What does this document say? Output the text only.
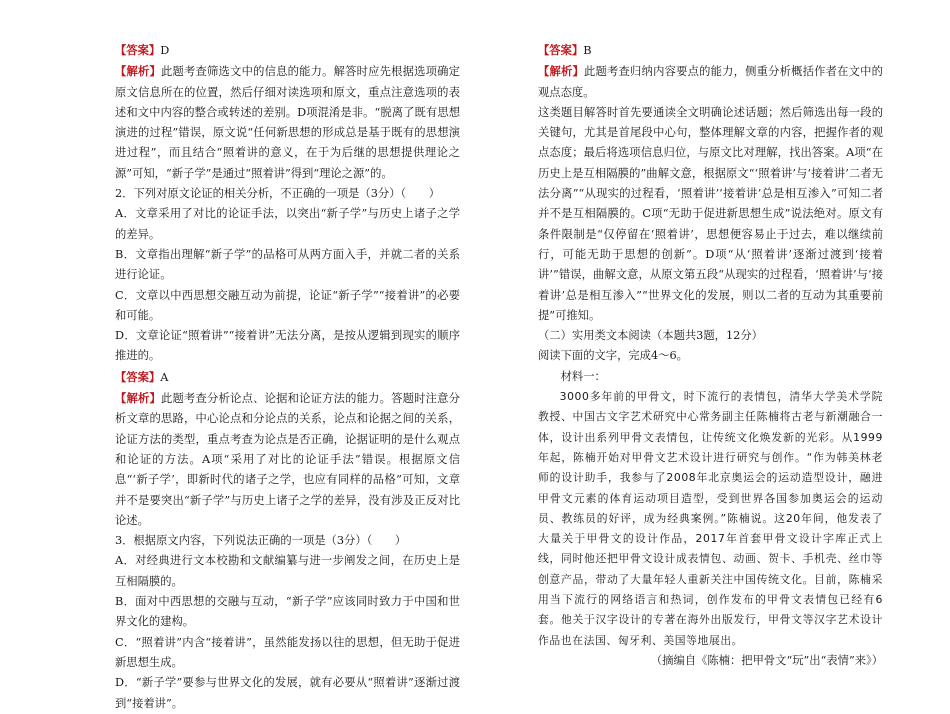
【答案】D

【解析】此题考查筛选文中的信息的能力。解答时应先根据选项确定原文信息所在的位置，然后仔细对读选项和原文，重点注意选项的表述和文中内容的整合或转述的差别。D项混淆是非。“脱离了既有思想演进的过程”错误，原文说“任何新思想的形成总是基于既有的思想演进过程”，而且结合“照着讲的意义，在于为后继的思想提供理论之源”可知，“新子学”是通过“照着讲”得到“理论之源”的。

2．下列对原文论证的相关分析，不正确的一项是（3分）（　　）

A．文章采用了对比的论证手法，以突出“新子学”与历史上诸子之学的差异。

B．文章指出理解“新子学”的品格可从两方面入手，并就二者的关系进行论证。

C．文章以中西思想交融互动为前提，论证“新子学”“接着讲”的必要和可能。

D．文章论证“照着讲”“接着讲”无法分离，是按从逻辑到现实的顺序推进的。

【答案】A

【解析】此题考查分析论点、论据和论证方法的能力。答题时注意分析文章的思路，中心论点和分论点的关系，论点和论据之间的关系，论证方法的类型，重点考查为论点是否正确，论据证明的是什么观点和论证的方法。A项“采用了对比的论证手法”错误。根据原文信息“‘新子学’，即新时代的诸子之学，也应有同样的品格”可知，文章并不是要突出“新子学”与历史上诸子之学的差异，没有涉及正反对比论述。

3．根据原文内容，下列说法正确的一项是（3分）（　　）

A．对经典进行文本校勘和文献编纂与进一步阐发之间，在历史上是互相隔膜的。

B．面对中西思想的交融与互动，“新子学”应该同时致力于中国和世界文化的建构。

C．“照着讲”内含“接着讲”，虽然能发扬以往的思想，但无助于促进新思想生成。

D．“新子学”要参与世界文化的发展，就有必要从“照着讲”逐渐过渡到“接着讲”。

【答案】B

【解析】此题考查归纳内容要点的能力，侧重分析概括作者在文中的观点态度。

这类题目解答时首先要通读全文明确论述话题；然后筛选出每一段的关键句，尤其是首尾段中心句，整体理解文章的内容，把握作者的观点态度；最后将选项信息归位，与原文比对理解，找出答案。A项“在历史上是互相隔膜的”曲解文意，根据原文“‘照着讲’与‘接着讲’二者无法分离”“从现实的过程看，‘照着讲’‘接着讲’总是相互渗入”可知二者并不是互相隔膜的。C项“无助于促进新思想生成”说法绝对。原文有条件限制是“仅停留在‘照着讲’，思想便容易止于过去，难以继续前行，可能无助于思想的创新”。D项“从‘照着讲’逐渐过渡到‘接着讲’”错误，曲解文意，从原文第五段“从现实的过程看，‘照着讲’与‘接着讲’总是相互渗入”“世界文化的发展，则以二者的互动为其重要前提”可推知。

（二）实用类文本阅读（本题共3题，12分）

阅读下面的文字，完成4～6。

材料一：

3000多年前的甲骨文，时下流行的表情包，清华大学美术学院教授、中国古文字艺术研究中心常务副主任陈楠将古老与新潮融合一体，设计出系列甲骨文表情包，让传统文化焕发新的光彩。从1999年起，陈楠开始对甲骨文艺术设计进行研究与创作。“作为韩美林老师的设计助手，我参与了2008年北京奥运会的运动造型设计，融进甲骨文元素的体育运动项目造型，受到世界各国参加奥运会的运动员、教练员的好评，成为经典案例。”陈楠说。这20年间，他发表了大量关于甲骨文的设计作品，2017年首套甲骨文设计字库正式上线，同时他还把甲骨文设计成表情包、动画、贺卡、手机壳、丝巾等创意产品，带动了大量年轻人重新关注中国传统文化。目前，陈楠采用当下流行的网络语言和热词，创作发布的甲骨文表情包已经有6套。他关于汉字设计的专著在海外出版发行，甲骨文等汉字艺术设计作品也在法国、匈牙利、美国等地展出。

（摘编自《陈楠：把甲骨文“玩”出“表情”来》）
